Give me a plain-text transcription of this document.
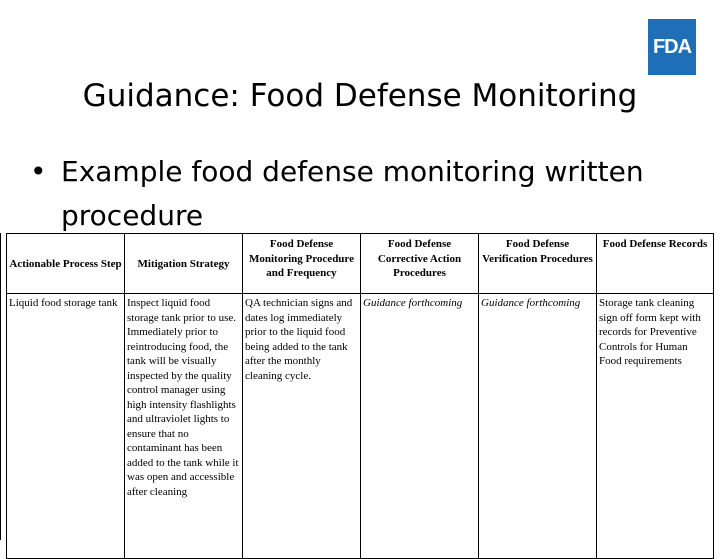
FDA
Guidance: Food Defense Monitoring
• Example food defense monitoring written procedure
Actionable Process Step	Mitigation Strategy	Food Defense Monitoring Procedure and Frequency	Food Defense Corrective Action Procedures	Food Defense Verification Procedures	Food Defense Records
Liquid food storage tank	Inspect liquid food storage tank prior to use. Immediately prior to reintroducing food, the tank will be visually inspected by the quality control manager using high intensity flashlights and ultraviolet lights to ensure that no contaminant has been added to the tank while it was open and accessible after cleaning	QA technician signs and dates log immediately prior to the liquid food being added to the tank after the monthly cleaning cycle.	Guidance forthcoming	Guidance forthcoming	Storage tank cleaning sign off form kept with records for Preventive Controls for Human Food requirements
